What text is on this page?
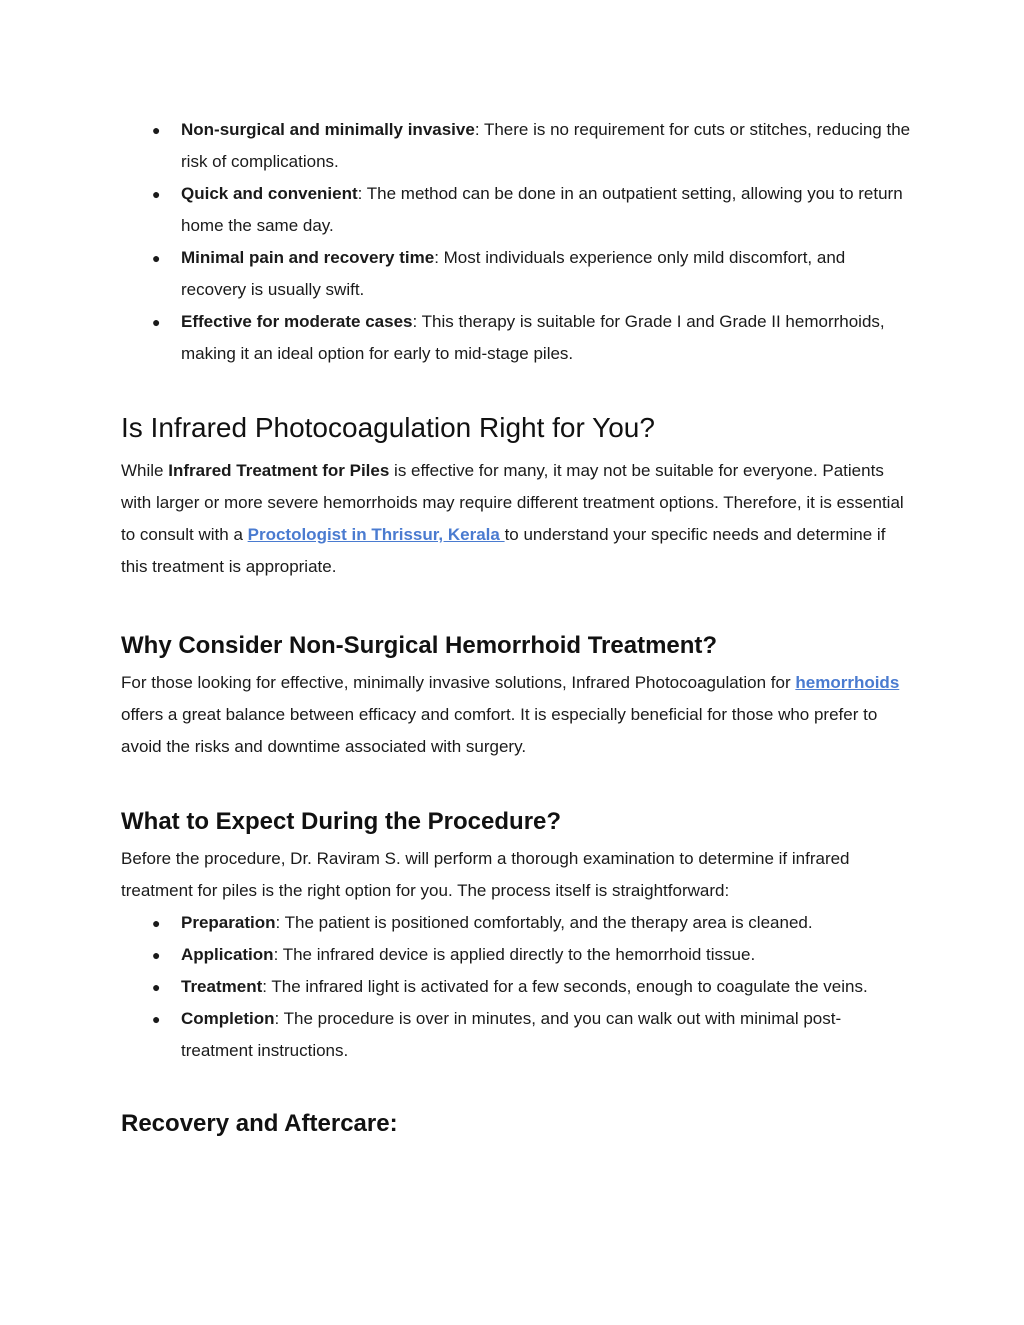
● Non-surgical and minimally invasive: There is no requirement for cuts or stitches, reducing the risk of complications.
● Quick and convenient: The method can be done in an outpatient setting, allowing you to return home the same day.
● Minimal pain and recovery time: Most individuals experience only mild discomfort, and recovery is usually swift.
● Effective for moderate cases: This therapy is suitable for Grade I and Grade II hemorrhoids, making it an ideal option for early to mid-stage piles.
Is Infrared Photocoagulation Right for You?

While Infrared Treatment for Piles is effective for many, it may not be suitable for everyone. Patients with larger or more severe hemorrhoids may require different treatment options. Therefore, it is essential to consult with a Proctologist in Thrissur, Kerala to understand your specific needs and determine if this treatment is appropriate.

Why Consider Non-Surgical Hemorrhoid Treatment?

For those looking for effective, minimally invasive solutions, Infrared Photocoagulation for hemorrhoids offers a great balance between efficacy and comfort. It is especially beneficial for those who prefer to avoid the risks and downtime associated with surgery.

What to Expect During the Procedure?

Before the procedure, Dr. Raviram S. will perform a thorough examination to determine if infrared treatment for piles is the right option for you. The process itself is straightforward:

● Preparation: The patient is positioned comfortably, and the therapy area is cleaned.
● Application: The infrared device is applied directly to the hemorrhoid tissue.
● Treatment: The infrared light is activated for a few seconds, enough to coagulate the veins.
● Completion: The procedure is over in minutes, and you can walk out with minimal post-treatment instructions.
Recovery and Aftercare:
